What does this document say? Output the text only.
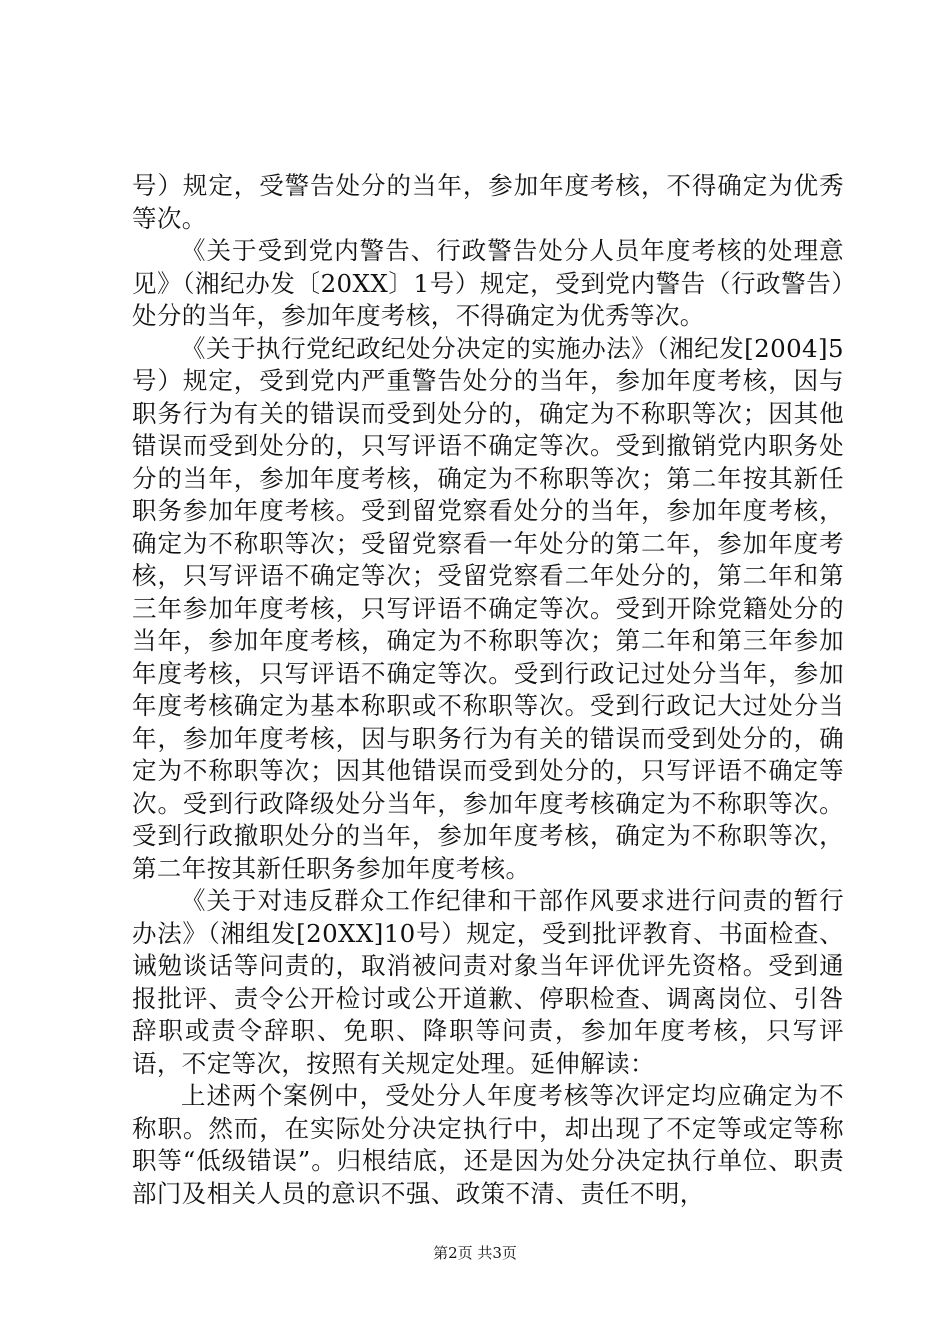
号）规定，受警告处分的当年，参加年度考核，不得确定为优秀等次。

《关于受到党内警告、行政警告处分人员年度考核的处理意见》（湘纪办发〔20XX〕1号）规定，受到党内警告（行政警告）处分的当年，参加年度考核，不得确定为优秀等次。

《关于执行党纪政纪处分决定的实施办法》（湘纪发[2004]5号）规定，受到党内严重警告处分的当年，参加年度考核，因与职务行为有关的错误而受到处分的，确定为不称职等次；因其他错误而受到处分的，只写评语不确定等次。受到撤销党内职务处分的当年，参加年度考核，确定为不称职等次；第二年按其新任职务参加年度考核。受到留党察看处分的当年，参加年度考核，确定为不称职等次；受留党察看一年处分的第二年，参加年度考核，只写评语不确定等次；受留党察看二年处分的，第二年和第三年参加年度考核，只写评语不确定等次。受到开除党籍处分的当年，参加年度考核，确定为不称职等次；第二年和第三年参加年度考核，只写评语不确定等次。受到行政记过处分当年，参加年度考核确定为基本称职或不称职等次。受到行政记大过处分当年，参加年度考核，因与职务行为有关的错误而受到处分的，确定为不称职等次；因其他错误而受到处分的，只写评语不确定等次。受到行政降级处分当年，参加年度考核确定为不称职等次。受到行政撤职处分的当年，参加年度考核，确定为不称职等次，第二年按其新任职务参加年度考核。

《关于对违反群众工作纪律和干部作风要求进行问责的暂行办法》（湘组发[20XX]10号）规定，受到批评教育、书面检查、诫勉谈话等问责的，取消被问责对象当年评优评先资格。受到通报批评、责令公开检讨或公开道歉、停职检查、调离岗位、引咎辞职或责令辞职、免职、降职等问责，参加年度考核，只写评语，不定等次，按照有关规定处理。延伸解读：

上述两个案例中，受处分人年度考核等次评定均应确定为不称职。然而，在实际处分决定执行中，却出现了不定等或定等称职等“低级错误”。归根结底，还是因为处分决定执行单位、职责部门及相关人员的意识不强、政策不清、责任不明，

第2页 共3页
